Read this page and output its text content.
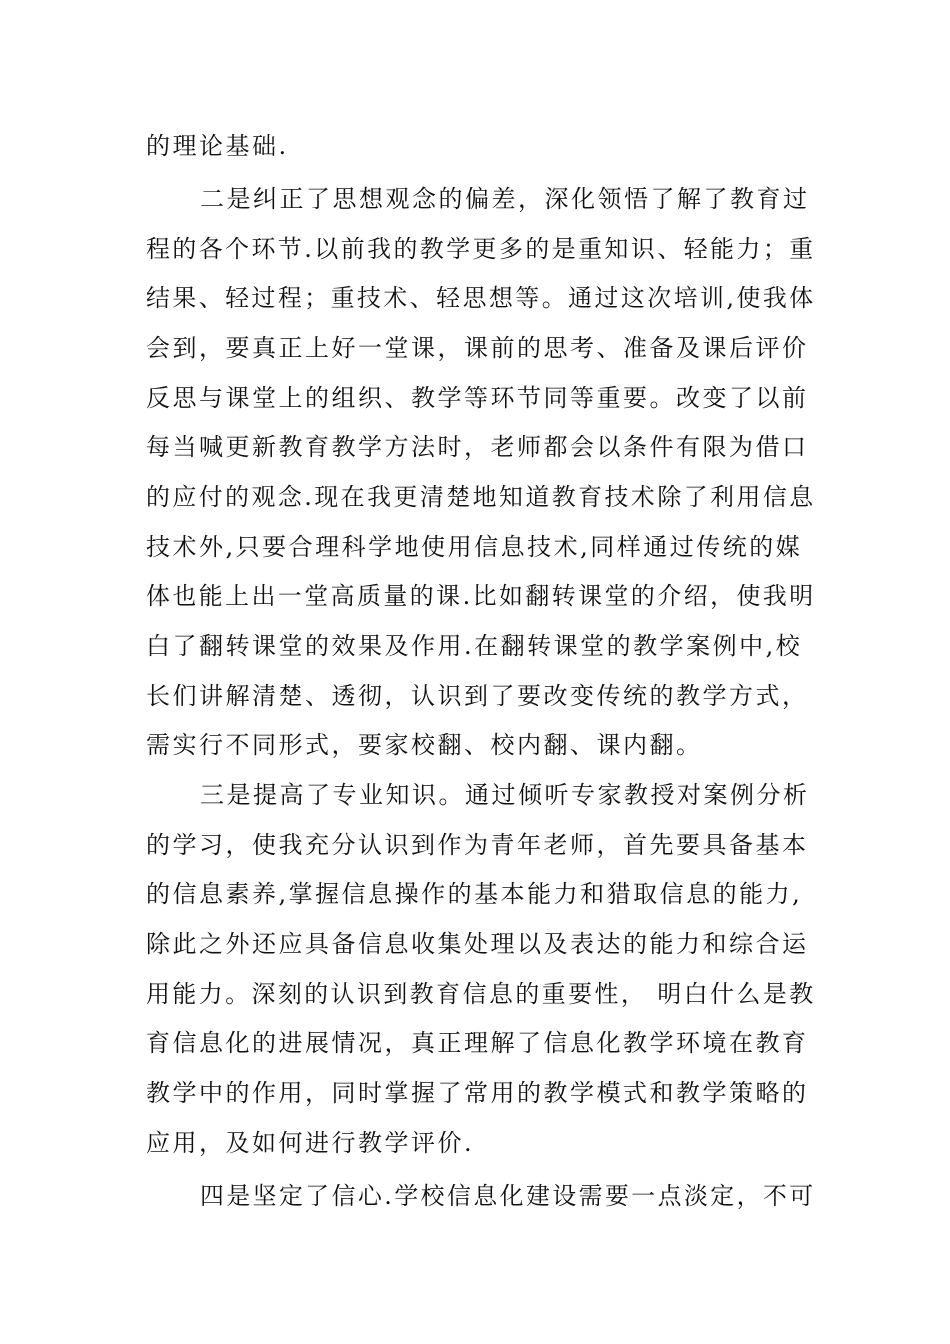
的理论基础.
二是纠正了思想观念的偏差，深化领悟了解了教育过
程的各个环节.以前我的教学更多的是重知识、轻能力；重
结果、轻过程；重技术、轻思想等。通过这次培训,使我体
会到，要真正上好一堂课，课前的思考、准备及课后评价
反思与课堂上的组织、教学等环节同等重要。改变了以前
每当喊更新教育教学方法时，老师都会以条件有限为借口
的应付的观念.现在我更清楚地知道教育技术除了利用信息
技术外,只要合理科学地使用信息技术,同样通过传统的媒
体也能上出一堂高质量的课.比如翻转课堂的介绍，使我明
白了翻转课堂的效果及作用.在翻转课堂的教学案例中,校
长们讲解清楚、透彻，认识到了要改变传统的教学方式，
需实行不同形式，要家校翻、校内翻、课内翻。
三是提高了专业知识。通过倾听专家教授对案例分析
的学习，使我充分认识到作为青年老师，首先要具备基本
的信息素养,掌握信息操作的基本能力和猎取信息的能力,
除此之外还应具备信息收集处理以及表达的能力和综合运
用能力。深刻的认识到教育信息的重要性， 明白什么是教
育信息化的进展情况，真正理解了信息化教学环境在教育
教学中的作用，同时掌握了常用的教学模式和教学策略的
应用，及如何进行教学评价.
四是坚定了信心.学校信息化建设需要一点淡定，不可
